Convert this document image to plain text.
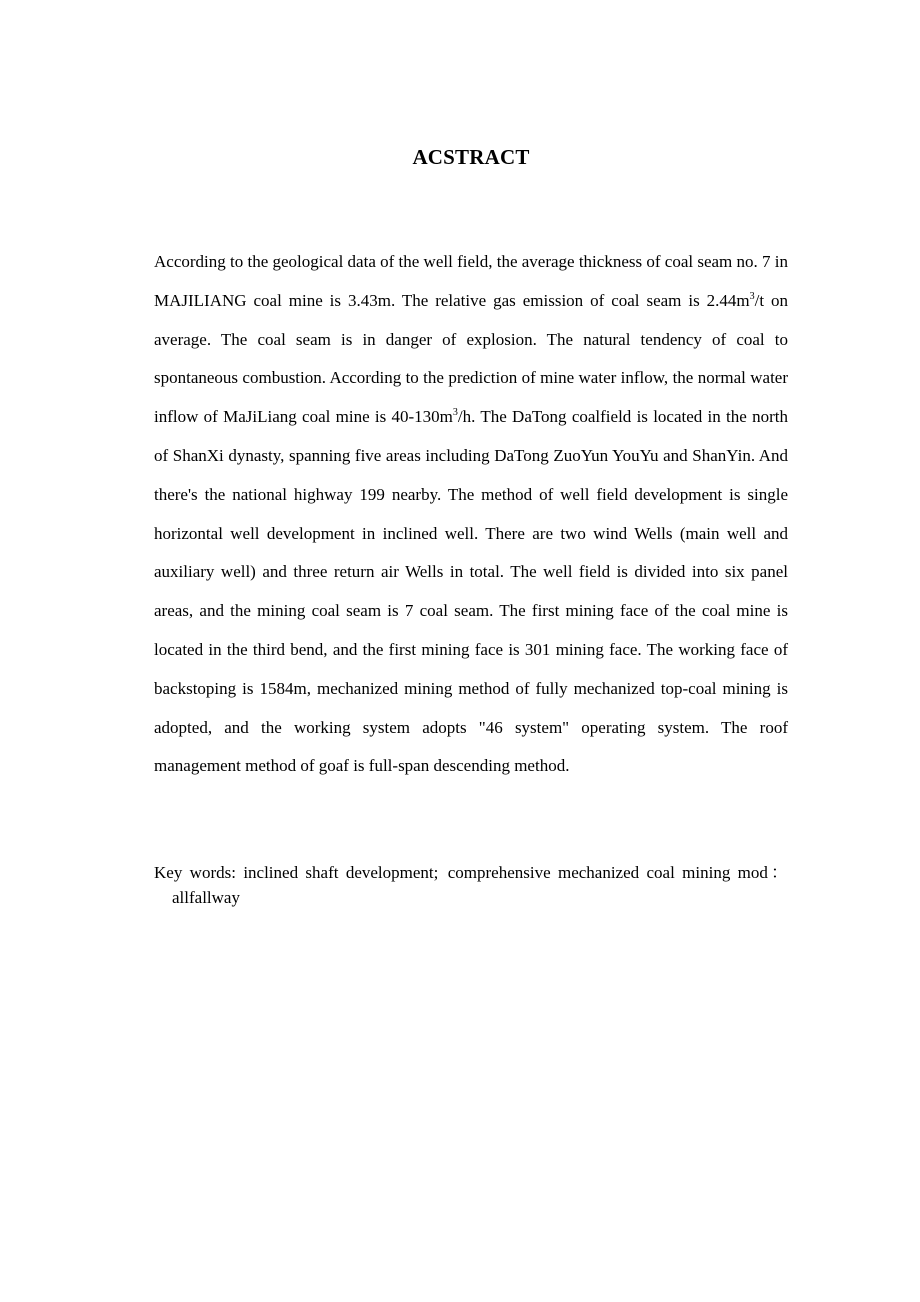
ACSTRACT

According to the geological data of the well field, the average thickness of coal seam no. 7 in MAJILIANG coal mine is 3.43m. The relative gas emission of coal seam is $2.44m^3/t$ on average. The coal seam is in danger of explosion. The natural tendency of coal to spontaneous combustion. According to the prediction of mine water inflow, the normal water inflow of MaJiLiang coal mine is $40-130m^3/h$. The DaTong coalfield is located in the north of ShanXi dynasty, spanning five areas including DaTong ZuoYun YouYu and ShanYin. And there's the national highway 199 nearby. The method of well field development is single horizontal well development in inclined well. There are two wind Wells (main well and auxiliary well) and three return air Wells in total. The well field is divided into six panel areas, and the mining coal seam is 7 coal seam. The first mining face of the coal mine is located in the third bend, and the first mining face is 301 mining face. The working face of backstoping is 1584m, mechanized mining method of fully mechanized top-coal mining is adopted, and the working system adopts "46 system" operating system. The roof management method of goaf is full-span descending method.

Key words: inclined shaft development; comprehensive mechanized coal mining mod：allfallway
